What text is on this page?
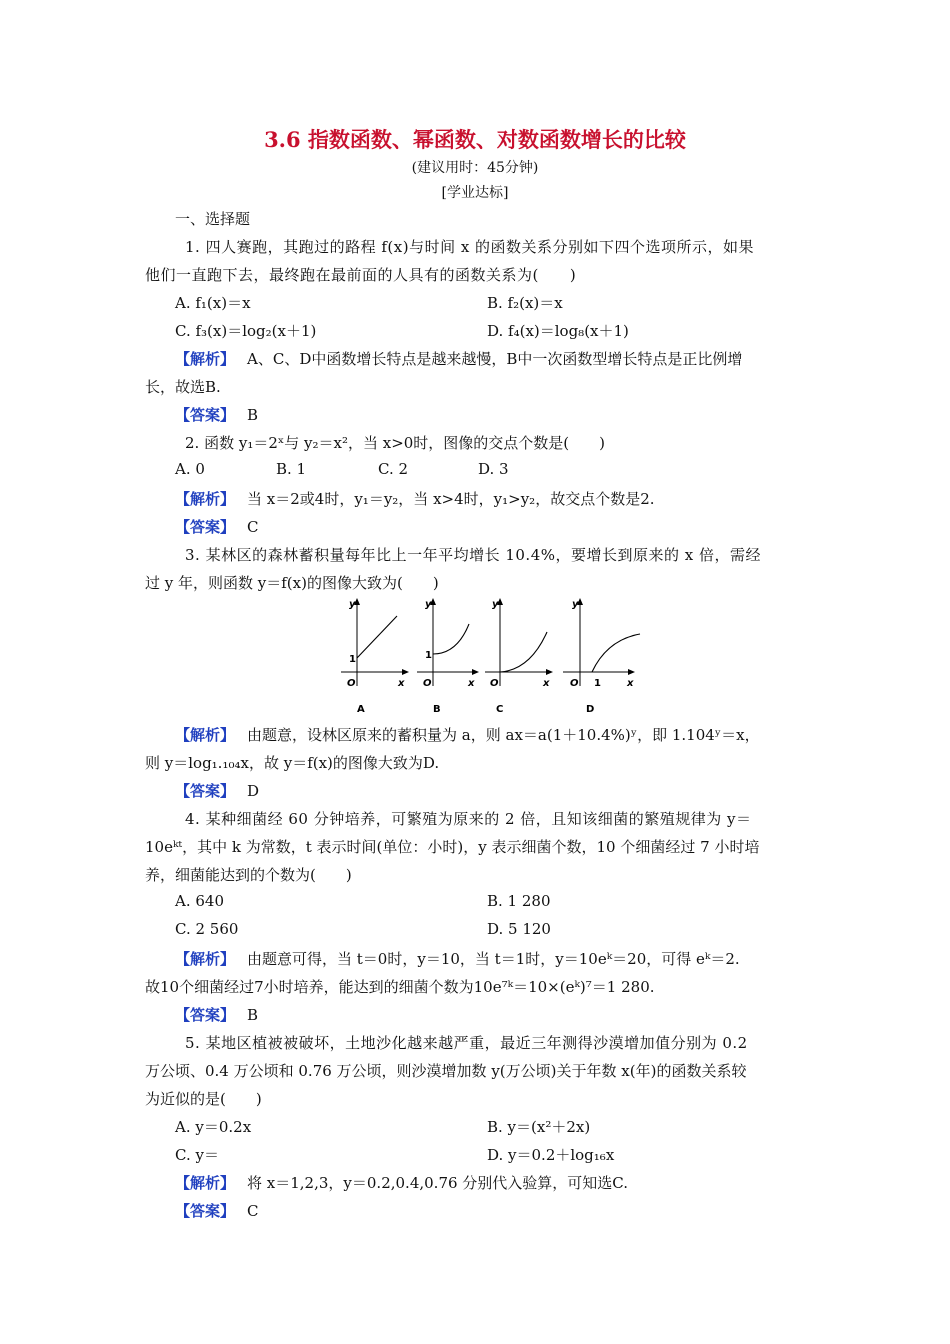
3.6 指数函数、幂函数、对数函数增长的比较
(建议用时：45分钟)
[学业达标]
一、选择题
1. 四人赛跑，其跑过的路程 f(x)与时间 x 的函数关系分别如下四个选项所示，如果
他们一直跑下去，最终跑在最前面的人具有的函数关系为(　　)
A. f₁(x)＝x	B. f₂(x)＝x
C. f₃(x)＝log₂(x＋1)	D. f₄(x)＝log₈(x＋1)
【解析】 A、C、D中函数增长特点是越来越慢，B中一次函数型增长特点是正比例增
长，故选B.
【答案】 B
2. 函数 y₁＝2ˣ与 y₂＝x²，当 x>0时，图像的交点个数是(　　)
A. 0	B. 1	C. 2	D. 3
【解析】 当 x＝2或4时，y₁＝y₂，当 x>4时，y₁>y₂，故交点个数是2.
【答案】 C
3. 某林区的森林蓄积量每年比上一年平均增长 10.4%，要增长到原来的 x 倍，需经
过 y 年，则函数 y＝f(x)的图像大致为(　　)
y
x
O
1
A
y
x
O
1
B
y
x
O
C
y
x
O 1
D
【解析】 由题意，设林区原来的蓄积量为 a，则 ax＝a(1＋10.4%)ʸ，即 1.104ʸ＝x，
则 y＝log₁.₁₀₄x，故 y＝f(x)的图像大致为D.
【答案】 D
4. 某种细菌经 60 分钟培养，可繁殖为原来的 2 倍，且知该细菌的繁殖规律为 y＝
10eᵏᵗ，其中 k 为常数，t 表示时间(单位：小时)，y 表示细菌个数，10 个细菌经过 7 小时培
养，细菌能达到的个数为(　　)
A. 640	B. 1 280
C. 2 560	D. 5 120
【解析】 由题意可得，当 t＝0时，y＝10，当 t＝1时，y＝10eᵏ＝20，可得 eᵏ＝2.
故10个细菌经过7小时培养，能达到的细菌个数为10e⁷ᵏ＝10×(eᵏ)⁷＝1 280.
【答案】 B
5. 某地区植被被破坏，土地沙化越来越严重，最近三年测得沙漠增加值分别为 0.2
万公顷、0.4 万公顷和 0.76 万公顷，则沙漠增加数 y(万公顷)关于年数 x(年)的函数关系较
为近似的是(　　)
A. y＝0.2x	B. y＝(x²＋2x)
C. y＝	D. y＝0.2＋log₁₆x
【解析】 将 x＝1,2,3，y＝0.2,0.4,0.76 分别代入验算，可知选C.
【答案】 C
